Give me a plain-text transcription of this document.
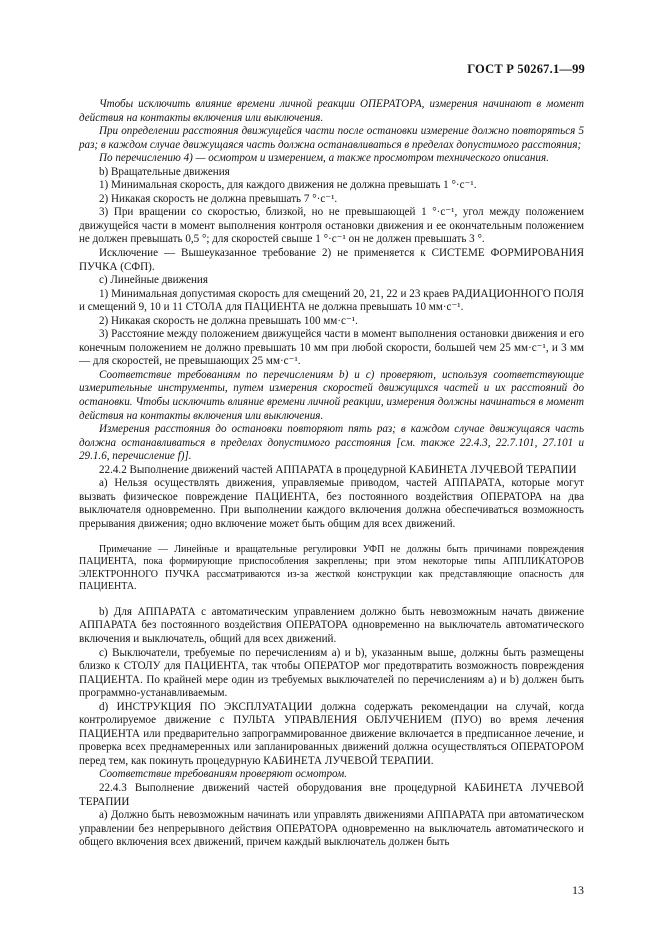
ГОСТ Р 50267.1—99

Чтобы исключить влияние времени личной реакции ОПЕРАТОРА, измерения начинают в момент действия на контакты включения или выключения.

При определении расстояния движущейся части после остановки измерение должно повторяться 5 раз; в каждом случае движущаяся часть должна останавливаться в пределах допустимого расстояния;

По перечислению 4) — осмотром и измерением, а также просмотром технического описания.

b) Вращательные движения

1) Минимальная скорость, для каждого движения не должна превышать 1 °·с⁻¹.

2) Никакая скорость не должна превышать 7 °·с⁻¹.

3) При вращении со скоростью, близкой, но не превышающей 1 °·с⁻¹, угол между положением движущейся части в момент выполнения контроля остановки движения и ее окончательным положением не должен превышать 0,5 °; для скоростей свыше 1 °·с⁻¹ он не должен превышать 3 °.

Исключение — Вышеуказанное требование 2) не применяется к СИСТЕМЕ ФОРМИРОВАНИЯ ПУЧКА (СФП).

c) Линейные движения

1) Минимальная допустимая скорость для смещений 20, 21, 22 и 23 краев РАДИАЦИОННОГО ПОЛЯ и смещений 9, 10 и 11 СТОЛА для ПАЦИЕНТА не должна превышать 10 мм·с⁻¹.

2) Никакая скорость не должна превышать 100 мм·с⁻¹.

3) Расстояние между положением движущейся части в момент выполнения остановки движения и его конечным положением не должно превышать 10 мм при любой скорости, большей чем 25 мм·с⁻¹, и 3 мм — для скоростей, не превышающих 25 мм·с⁻¹.

Соответствие требованиям по перечислениям b) и c) проверяют, используя соответствующие измерительные инструменты, путем измерения скоростей движущихся частей и их расстояний до остановки. Чтобы исключить влияние времени личной реакции, измерения должны начинаться в момент действия на контакты включения или выключения.

Измерения расстояния до остановки повторяют пять раз; в каждом случае движущаяся часть должна останавливаться в пределах допустимого расстояния [см. также 22.4.3, 22.7.101, 27.101 и 29.1.6, перечисление f)].

22.4.2 Выполнение движений частей АППАРАТА в процедурной КАБИНЕТА ЛУЧЕВОЙ ТЕРАПИИ

a) Нельзя осуществлять движения, управляемые приводом, частей АППАРАТА, которые могут вызвать физическое повреждение ПАЦИЕНТА, без постоянного воздействия ОПЕРАТОРА на два выключателя одновременно. При выполнении каждого включения должна обеспечиваться возможность прерывания движения; одно включение может быть общим для всех движений.

Примечание — Линейные и вращательные регулировки УФП не должны быть причинами повреждения ПАЦИЕНТА, пока формирующие приспособления закреплены; при этом некоторые типы АППЛИКАТОРОВ ЭЛЕКТРОННОГО ПУЧКА рассматриваются из-за жесткой конструкции как представляющие опасность для ПАЦИЕНТА.

b) Для АППАРАТА с автоматическим управлением должно быть невозможным начать движение АППАРАТА без постоянного воздействия ОПЕРАТОРА одновременно на выключатель автоматического включения и выключатель, общий для всех движений.

c) Выключатели, требуемые по перечислениям a) и b), указанным выше, должны быть размещены близко к СТОЛУ для ПАЦИЕНТА, так чтобы ОПЕРАТОР мог предотвратить возможность повреждения ПАЦИЕНТА. По крайней мере один из требуемых выключателей по перечислениям a) и b) должен быть программно-устанавливаемым.

d) ИНСТРУКЦИЯ ПО ЭКСПЛУАТАЦИИ должна содержать рекомендации на случай, когда контролируемое движение с ПУЛЬТА УПРАВЛЕНИЯ ОБЛУЧЕНИЕМ (ПУО) во время лечения ПАЦИЕНТА или предварительно запрограммированное движение включается в предписанное лечение, и проверка всех преднамеренных или запланированных движений должна осуществляться ОПЕРАТОРОМ перед тем, как покинуть процедурную КАБИНЕТА ЛУЧЕВОЙ ТЕРАПИИ.

Соответствие требованиям проверяют осмотром.

22.4.3 Выполнение движений частей оборудования вне процедурной КАБИНЕТА ЛУЧЕВОЙ ТЕРАПИИ

a) Должно быть невозможным начинать или управлять движениями АППАРАТА при автоматическом управлении без непрерывного действия ОПЕРАТОРА одновременно на выключатель автоматического и общего включения всех движений, причем каждый выключатель должен быть

13
